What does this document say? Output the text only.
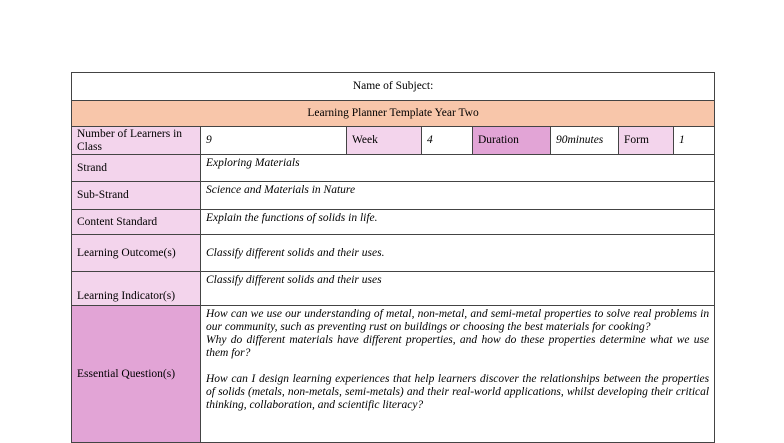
Name of Subject:							
Learning Planner Template Year Two							
Number of Learners in Class	9	Week	4	Duration	90minutes	Form	1
Strand	Exploring Materials						
Sub-Strand	Science and Materials in Nature						
Content Standard	Explain the functions of solids in life.						
Learning Outcome(s)	Classify different solids and their uses.						
Learning Indicator(s)	Classify different solids and their uses						
Essential Question(s)	How can we use our understanding of metal, non-metal, and semi-metal properties to solve real problems in our community, such as preventing rust on buildings or choosing the best materials for cooking?

Why do different materials have different properties, and how do these properties determine what we use them for?

How can I design learning experiences that help learners discover the relationships between the properties of solids (metals, non-metals, semi-metals) and their real-world applications, whilst developing their critical thinking, collaboration, and scientific literacy?						
